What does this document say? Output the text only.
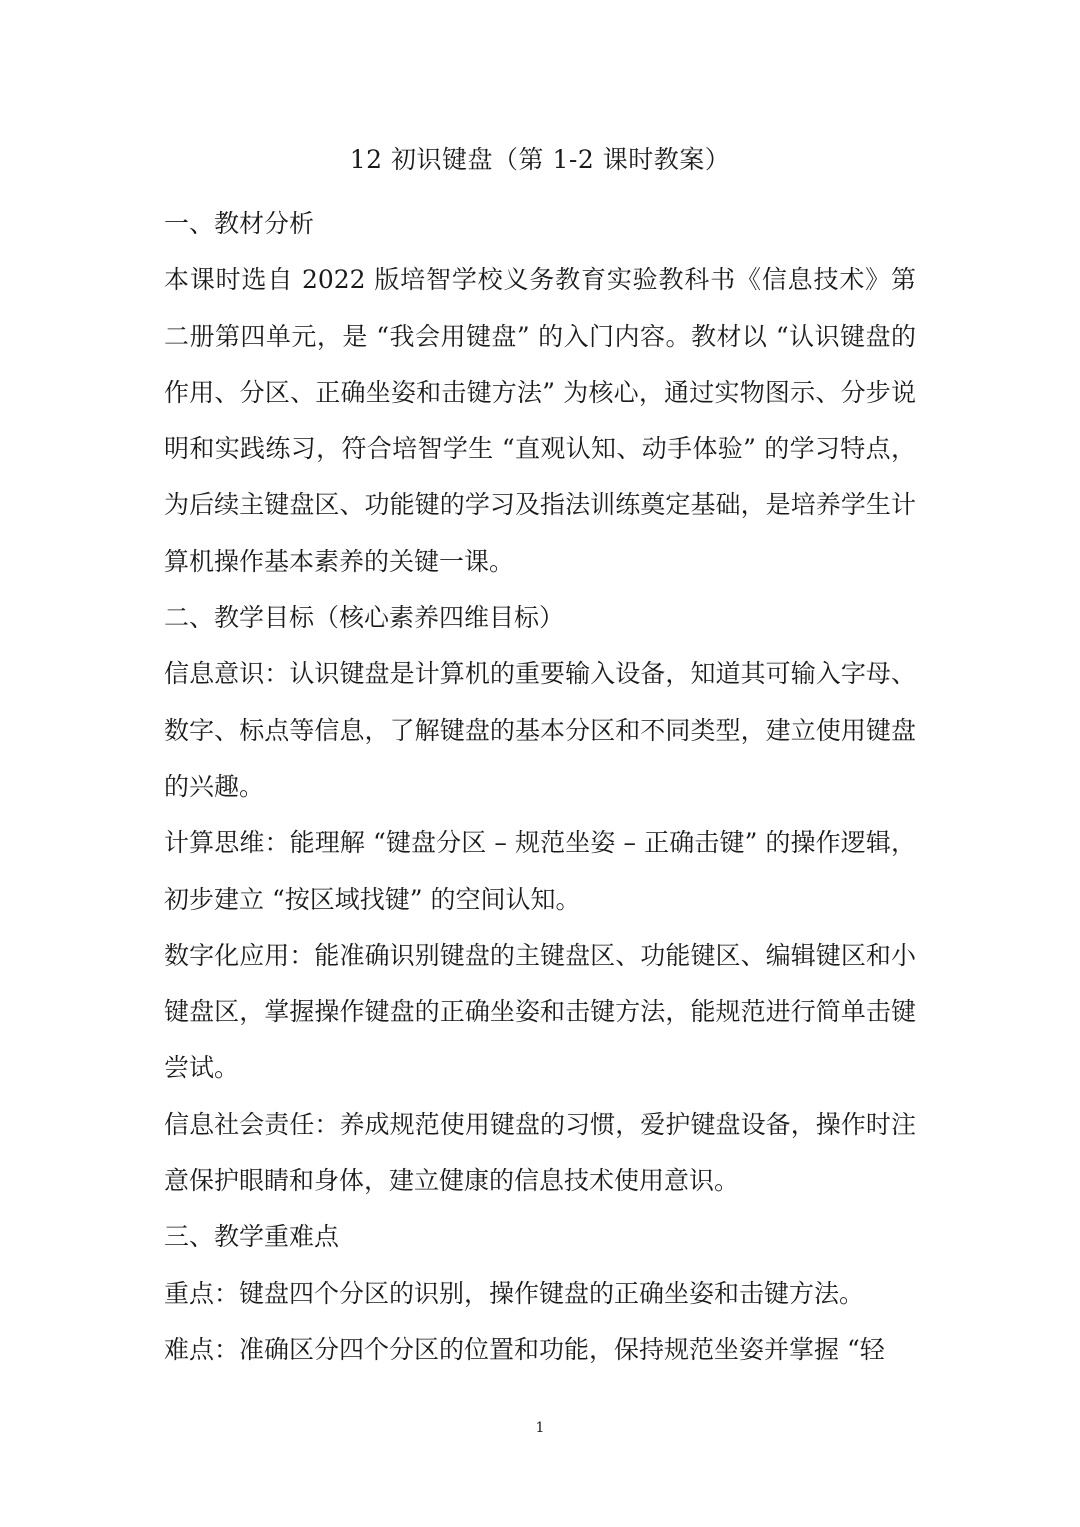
12 初识键盘（第 1-2 课时教案）

一、教材分析

本课时选自 2022 版培智学校义务教育实验教科书《信息技术》第二册第四单元，是 “我会用键盘” 的入门内容。教材以 “认识键盘的作用、分区、正确坐姿和击键方法” 为核心，通过实物图示、分步说明和实践练习，符合培智学生 “直观认知、动手体验” 的学习特点，为后续主键盘区、功能键的学习及指法训练奠定基础，是培养学生计算机操作基本素养的关键一课。

二、教学目标（核心素养四维目标）

信息意识：认识键盘是计算机的重要输入设备，知道其可输入字母、数字、标点等信息，了解键盘的基本分区和不同类型，建立使用键盘的兴趣。

计算思维：能理解 “键盘分区 – 规范坐姿 – 正确击键” 的操作逻辑，初步建立 “按区域找键” 的空间认知。

数字化应用：能准确识别键盘的主键盘区、功能键区、编辑键区和小键盘区，掌握操作键盘的正确坐姿和击键方法，能规范进行简单击键尝试。

信息社会责任：养成规范使用键盘的习惯，爱护键盘设备，操作时注意保护眼睛和身体，建立健康的信息技术使用意识。

三、教学重难点

重点：键盘四个分区的识别，操作键盘的正确坐姿和击键方法。

难点：准确区分四个分区的位置和功能，保持规范坐姿并掌握 “轻

1
